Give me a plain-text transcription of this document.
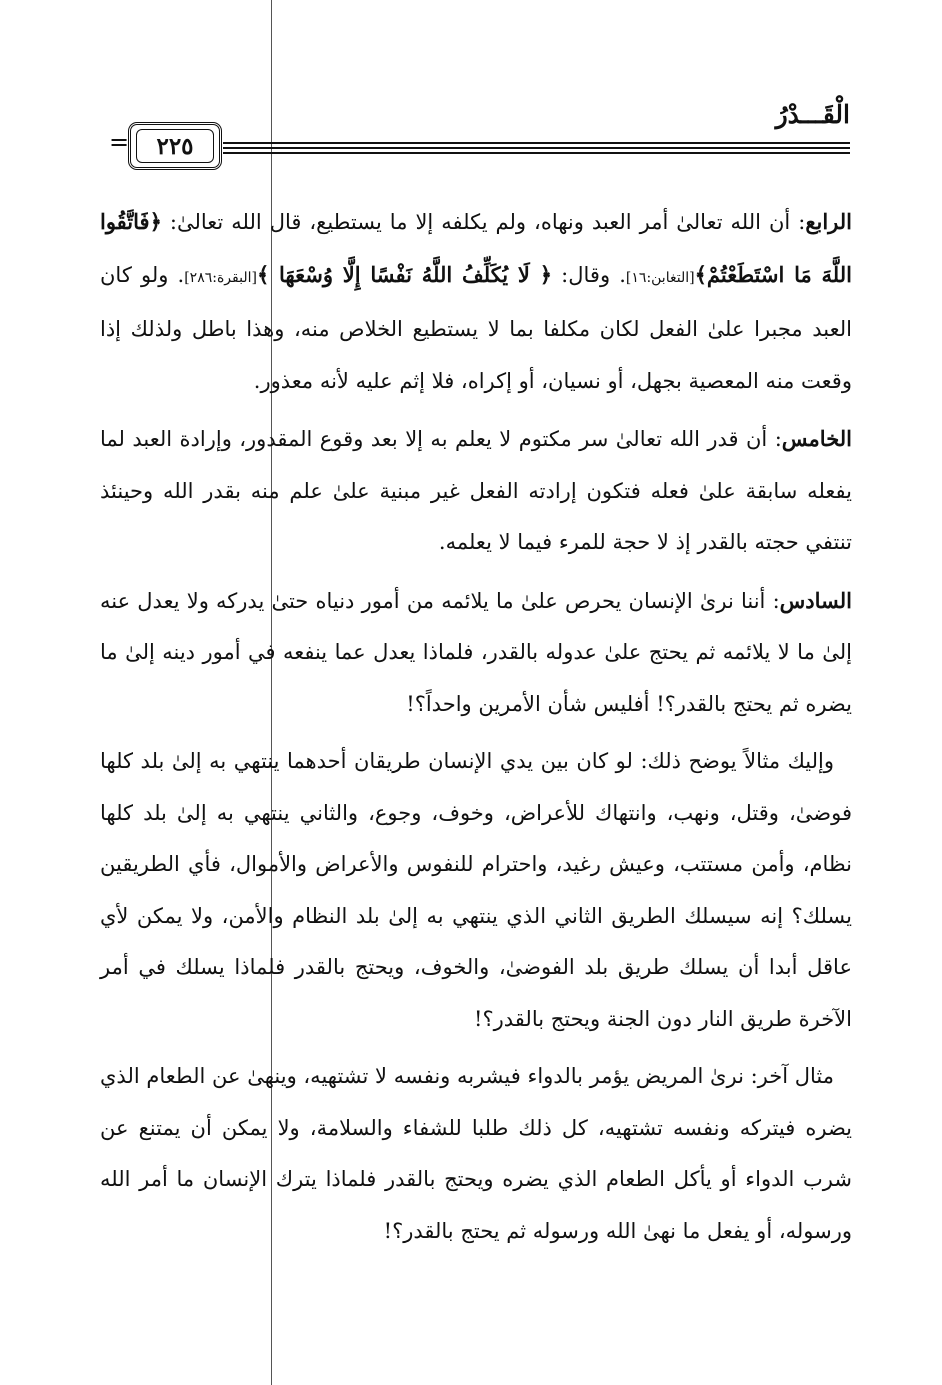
الْقَـــدْرُ
=	٢٢٥

الرابع: أن الله تعالىٰ أمر العبد ونهاه، ولم يكلفه إلا ما يستطيع، قال الله تعالىٰ: ﴿فَاتَّقُوا اللَّهَ مَا اسْتَطَعْتُمْ﴾[التغابن:١٦]. وقال: ﴿ لَا يُكَلِّفُ اللَّهُ نَفْسًا إِلَّا وُسْعَهَا ﴾[البقرة:٢٨٦]. ولو كان العبد مجبرا علىٰ الفعل لكان مكلفا بما لا يستطيع الخلاص منه، وهذا باطل ولذلك إذا وقعت منه المعصية بجهل، أو نسيان، أو إكراه، فلا إثم عليه لأنه معذور.

الخامس: أن قدر الله تعالىٰ سر مكتوم لا يعلم به إلا بعد وقوع المقدور، وإرادة العبد لما يفعله سابقة علىٰ فعله فتكون إرادته الفعل غير مبنية علىٰ علم منه بقدر الله وحينئذ تنتفي حجته بالقدر إذ لا حجة للمرء فيما لا يعلمه.

السادس: أننا نرىٰ الإنسان يحرص علىٰ ما يلائمه من أمور دنياه حتىٰ يدركه ولا يعدل عنه إلىٰ ما لا يلائمه ثم يحتج علىٰ عدوله بالقدر، فلماذا يعدل عما ينفعه في أمور دينه إلىٰ ما يضره ثم يحتج بالقدر؟! أفليس شأن الأمرين واحداً؟!

وإليك مثالاً يوضح ذلك: لو كان بين يدي الإنسان طريقان أحدهما ينتهي به إلىٰ بلد كلها فوضىٰ، وقتل، ونهب، وانتهاك للأعراض، وخوف، وجوع، والثاني ينتهي به إلىٰ بلد كلها نظام، وأمن مستتب، وعيش رغيد، واحترام للنفوس والأعراض والأموال، فأي الطريقين يسلك؟ إنه سيسلك الطريق الثاني الذي ينتهي به إلىٰ بلد النظام والأمن، ولا يمكن لأي عاقل أبدا أن يسلك طريق بلد الفوضىٰ، والخوف، ويحتج بالقدر فلماذا يسلك في أمر الآخرة طريق النار دون الجنة ويحتج بالقدر؟!

مثال آخر: نرىٰ المريض يؤمر بالدواء فيشربه ونفسه لا تشتهيه، وينهىٰ عن الطعام الذي يضره فيتركه ونفسه تشتهيه، كل ذلك طلبا للشفاء والسلامة، ولا يمكن أن يمتنع عن شرب الدواء أو يأكل الطعام الذي يضره ويحتج بالقدر فلماذا يترك الإنسان ما أمر الله ورسوله، أو يفعل ما نهىٰ الله ورسوله ثم يحتج بالقدر؟!
